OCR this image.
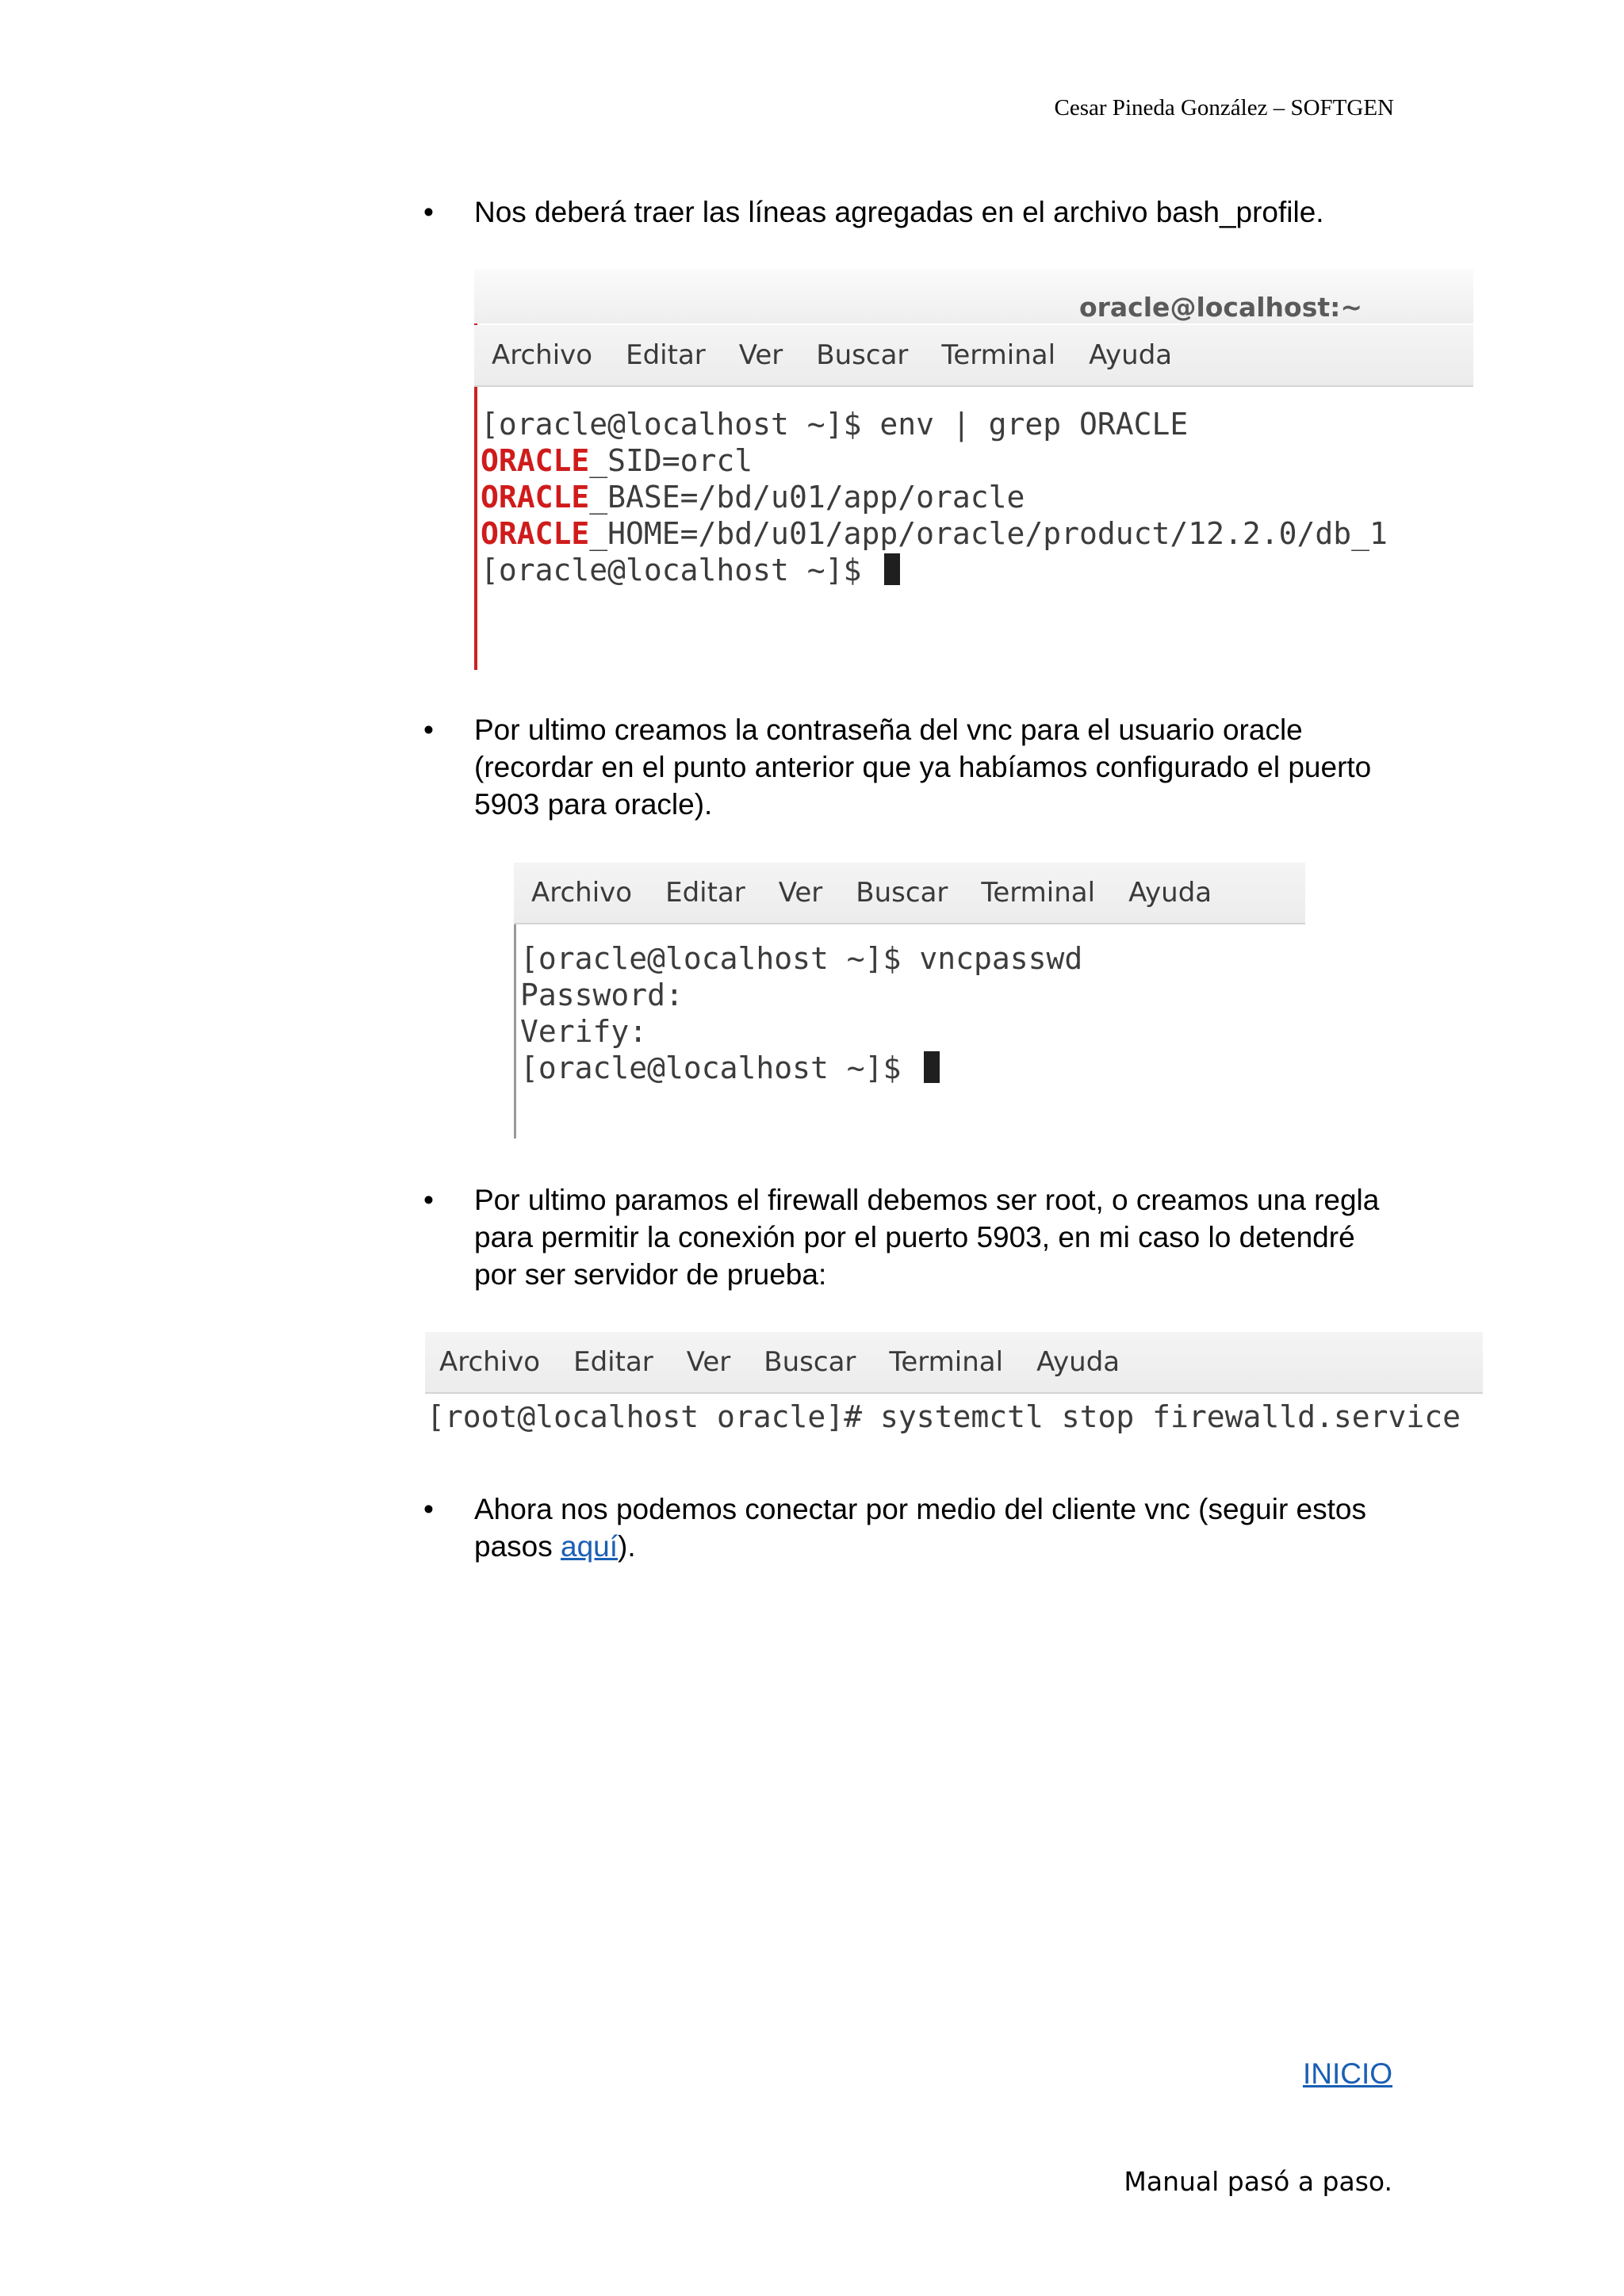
Cesar Pineda González – SOFTGEN
• Nos deberá traer las líneas agregadas en el archivo bash_profile.
oracle@localhost:~
Archivo Editar Ver Buscar Terminal Ayuda
[oracle@localhost ~]$ env | grep ORACLE
ORACLE_SID=orcl
ORACLE_BASE=/bd/u01/app/oracle
ORACLE_HOME=/bd/u01/app/oracle/product/12.2.0/db_1
[oracle@localhost ~]$
• Por ultimo creamos la contraseña del vnc para el usuario oracle (recordar en el punto anterior que ya habíamos configurado el puerto 5903 para oracle).
Archivo Editar Ver Buscar Terminal Ayuda
[oracle@localhost ~]$ vncpasswd
Password:
Verify:
[oracle@localhost ~]$
• Por ultimo paramos el firewall debemos ser root, o creamos una regla para permitir la conexión por el puerto 5903, en mi caso lo detendré por ser servidor de prueba:
Archivo Editar Ver Buscar Terminal Ayuda
[root@localhost oracle]# systemctl stop firewalld.service
• Ahora nos podemos conectar por medio del cliente vnc (seguir estos pasos aquí).
INICIO
Manual pasó a paso.
